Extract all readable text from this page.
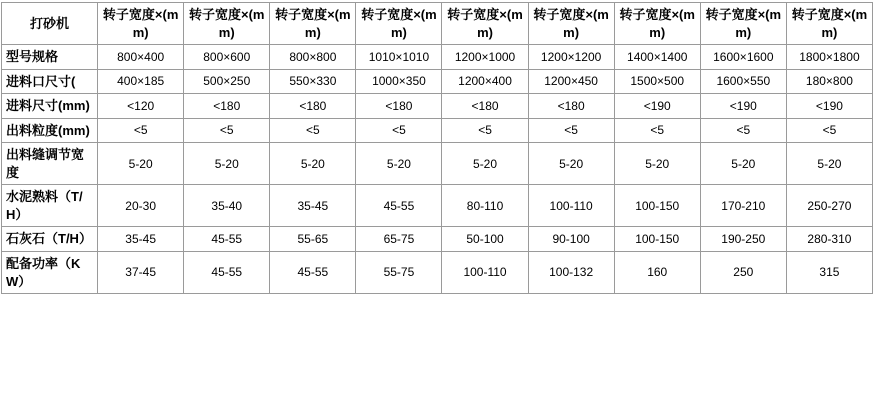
打砂机	转子宽度×(mm)	转子宽度×(mm)	转子宽度×(mm)	转子宽度×(mm)	转子宽度×(mm)	转子宽度×(mm)	转子宽度×(mm)	转子宽度×(mm)	转子宽度×(mm)
型号规格	800×400	800×600	800×800	1010×1010	1200×1000	1200×1200	1400×1400	1600×1600	1800×1800
进料口尺寸(	400×185	500×250	550×330	1000×350	1200×400	1200×450	1500×500	1600×550	180×800
进料尺寸(mm)	<120	<180	<180	<180	<180	<180	<190	<190	<190
出料粒度(mm)	<5	<5	<5	<5	<5	<5	<5	<5	<5
出料缝调节宽度	5-20	5-20	5-20	5-20	5-20	5-20	5-20	5-20	5-20
水泥熟料（T/H）	20-30	35-40	35-45	45-55	80-110	100-110	100-150	170-210	250-270
石灰石（T/H）	35-45	45-55	55-65	65-75	50-100	90-100	100-150	190-250	280-310
配备功率（KW）	37-45	45-55	45-55	55-75	100-110	100-132	160	250	315
